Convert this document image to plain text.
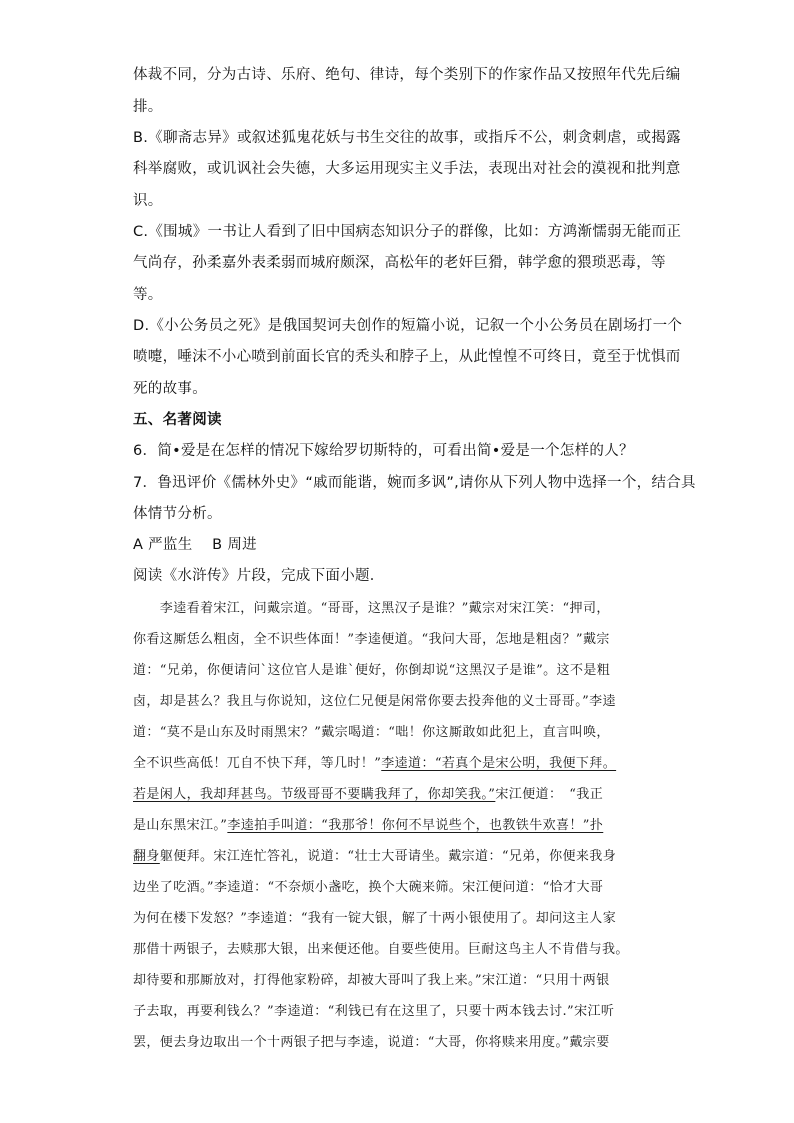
体裁不同，分为古诗、乐府、绝句、律诗，每个类别下的作家作品又按照年代先后编
排。
B.《聊斋志异》或叙述狐鬼花妖与书生交往的故事，或指斥不公，刺贪刺虐，或揭露
科举腐败，或讥讽社会失德，大多运用现实主义手法，表现出对社会的漠视和批判意
识。
C.《围城》一书让人看到了旧中国病态知识分子的群像，比如：方鸿渐懦弱无能而正
气尚存，孙柔嘉外表柔弱而城府颇深，高松年的老奸巨猾，韩学愈的猥琐恶毒，等
等。
D.《小公务员之死》是俄国契诃夫创作的短篇小说，记叙一个小公务员在剧场打一个
喷嚏，唾沫不小心喷到前面长官的秃头和脖子上，从此惶惶不可终日，竟至于忧惧而
死的故事。
五、名著阅读
6．简•爱是在怎样的情况下嫁给罗切斯特的，可看出简•爱是一个怎样的人？
7．鲁迅评价《儒林外史》“戚而能谐，婉而多讽”,请你从下列人物中选择一个，结合具
体情节分析。
A 严监生    B 周进
阅读《水浒传》片段，完成下面小题．
　　李逵看着宋江，问戴宗道。“哥哥，这黑汉子是谁？”戴宗对宋江笑：“押司，
你看这厮恁么粗卤，全不识些体面！”李逵便道。“我问大哥，怎地是粗卤？”戴宗
道：“兄弟，你便请问`这位官人是谁`便好，你倒却说“这黑汉子是谁”。这不是粗
卤，却是甚么？我且与你说知，这位仁兄便是闲常你要去投奔他的义士哥哥。”李逵
道：“莫不是山东及时雨黑宋？”戴宗喝道：“咄！你这厮敢如此犯上，直言叫唤，
全不识些高低！兀自不快下拜，等几时！”李逵道：“若真个是宋公明，我便下拜。
若是闲人，我却拜甚鸟。节级哥哥不要瞒我拜了，你却笑我。”宋江便道：　“我正
是山东黑宋江。”李逵拍手叫道：“我那爷！你何不早说些个，也教铁牛欢喜！”扑
翻身躯便拜。宋江连忙答礼，说道：“壮士大哥请坐。戴宗道：“兄弟，你便来我身
边坐了吃酒。”李逵道：“不奈烦小盏吃，换个大碗来筛。宋江便问道：“恰才大哥
为何在楼下发怒？”李逵道：“我有一锭大银，解了十两小银使用了。却问这主人家
那借十两银子，去赎那大银，出来便还他。自要些使用。巨耐这鸟主人不肯借与我。
却待要和那厮放对，打得他家粉碎，却被大哥叫了我上来。”宋江道：“只用十两银
子去取，再要利钱么？”李逵道：“利钱已有在这里了，只要十两本钱去讨.”宋江听
罢，便去身边取出一个十两银子把与李逵，说道：“大哥，你将赎来用度。”戴宗要
